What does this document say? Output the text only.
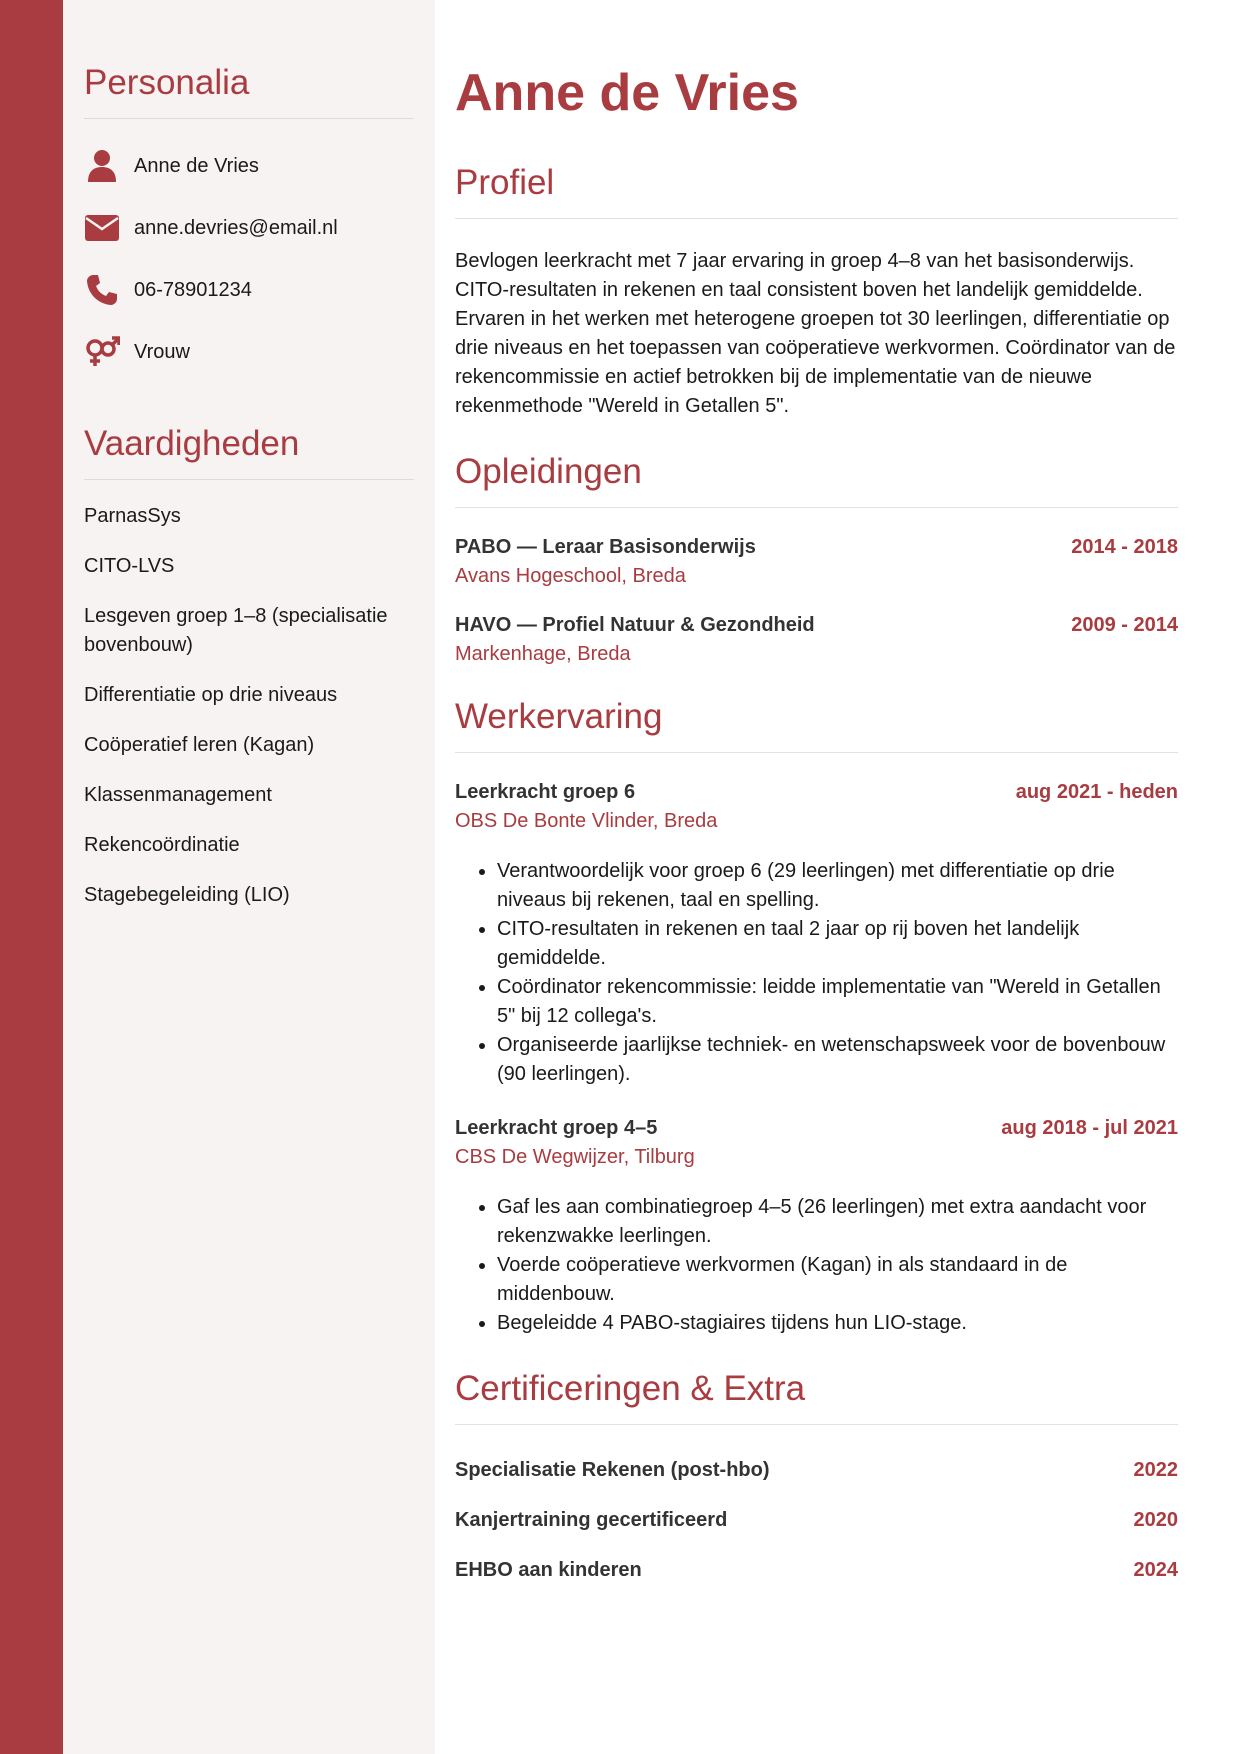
Personalia
Anne de Vries
anne.devries@email.nl
06-78901234
Vrouw
Vaardigheden
ParnasSys
CITO-LVS
Lesgeven groep 1–8 (specialisatie bovenbouw)
Differentiatie op drie niveaus
Coöperatief leren (Kagan)
Klassenmanagement
Rekencoördinatie
Stagebegeleiding (LIO)
Anne de Vries
Profiel
Bevlogen leerkracht met 7 jaar ervaring in groep 4–8 van het basisonderwijs. CITO-resultaten in rekenen en taal consistent boven het landelijk gemiddelde. Ervaren in het werken met heterogene groepen tot 30 leerlingen, differentiatie op drie niveaus en het toepassen van coöperatieve werkvormen. Coördinator van de rekencommissie en actief betrokken bij de implementatie van de nieuwe rekenmethode "Wereld in Getallen 5".
Opleidingen
PABO — Leraar Basisonderwijs	2014 - 2018
Avans Hogeschool, Breda
HAVO — Profiel Natuur & Gezondheid	2009 - 2014
Markenhage, Breda
Werkervaring
Leerkracht groep 6	aug 2021 - heden
OBS De Bonte Vlinder, Breda
• Verantwoordelijk voor groep 6 (29 leerlingen) met differentiatie op drie niveaus bij rekenen, taal en spelling.
• CITO-resultaten in rekenen en taal 2 jaar op rij boven het landelijk gemiddelde.
• Coördinator rekencommissie: leidde implementatie van "Wereld in Getallen 5" bij 12 collega's.
• Organiseerde jaarlijkse techniek- en wetenschapsweek voor de bovenbouw (90 leerlingen).
Leerkracht groep 4–5	aug 2018 - jul 2021
CBS De Wegwijzer, Tilburg
• Gaf les aan combinatiegroep 4–5 (26 leerlingen) met extra aandacht voor rekenzwakke leerlingen.
• Voerde coöperatieve werkvormen (Kagan) in als standaard in de middenbouw.
• Begeleidde 4 PABO-stagiaires tijdens hun LIO-stage.
Certificeringen & Extra
Specialisatie Rekenen (post-hbo)	2022
Kanjertraining gecertificeerd	2020
EHBO aan kinderen	2024
